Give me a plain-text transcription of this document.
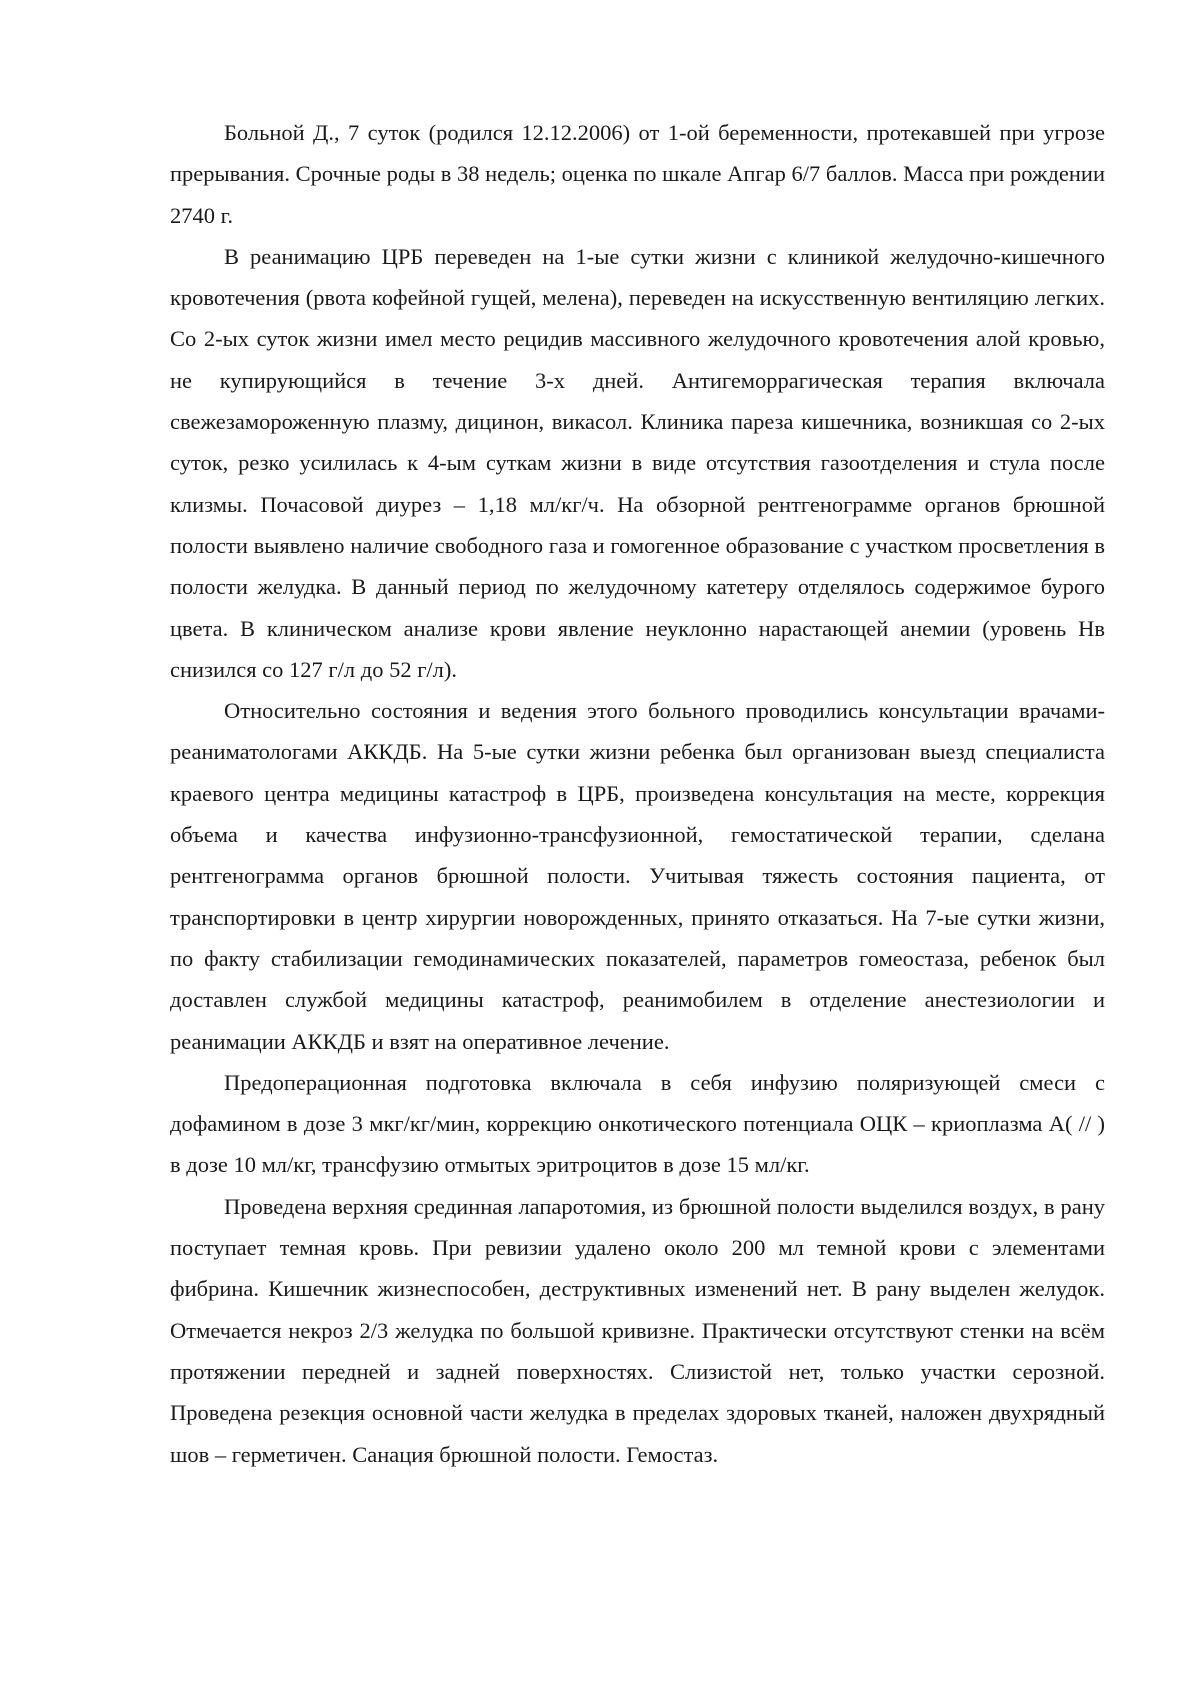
Больной Д., 7 суток (родился 12.12.2006) от 1-ой беременности, протекавшей при угрозе прерывания. Срочные роды в 38 недель; оценка по шкале Апгар 6/7 баллов. Масса при рождении 2740 г.

В реанимацию ЦРБ переведен на 1-ые сутки жизни с клиникой желудочно-кишечного кровотечения (рвота кофейной гущей, мелена), переведен на искусственную вентиляцию легких. Со 2-ых суток жизни имел место рецидив массивного желудочного кровотечения алой кровью, не купирующийся в течение 3-х дней. Антигеморрагическая терапия включала свежезамороженную плазму, дицинон, викасол. Клиника пареза кишечника, возникшая со 2-ых суток, резко усилилась к 4-ым суткам жизни в виде отсутствия газоотделения и стула после клизмы. Почасовой диурез – 1,18 мл/кг/ч. На обзорной рентгенограмме органов брюшной полости выявлено наличие свободного газа и гомогенное образование с участком просветления в полости желудка. В данный период по желудочному катетеру отделялось содержимое бурого цвета. В клиническом анализе крови явление неуклонно нарастающей анемии (уровень Нв снизился со 127 г/л до 52 г/л).

Относительно состояния и ведения этого больного проводились консультации врачами-реаниматологами АККДБ. На 5-ые сутки жизни ребенка был организован выезд специалиста краевого центра медицины катастроф в ЦРБ, произведена консультация на месте, коррекция объема и качества инфузионно-трансфузионной, гемостатической терапии, сделана рентгенограмма органов брюшной полости. Учитывая тяжесть состояния пациента, от транспортировки в центр хирургии новорожденных, принято отказаться. На 7-ые сутки жизни, по факту стабилизации гемодинамических показателей, параметров гомеостаза, ребенок был доставлен службой медицины катастроф, реанимобилем в отделение анестезиологии и реанимации АККДБ и взят на оперативное лечение.

Предоперационная подготовка включала в себя инфузию поляризующей смеси с дофамином в дозе 3 мкг/кг/мин, коррекцию онкотического потенциала ОЦК – криоплазма А( // ) в дозе 10 мл/кг, трансфузию отмытых эритроцитов в дозе 15 мл/кг.

Проведена верхняя срединная лапаротомия, из брюшной полости выделился воздух, в рану поступает темная кровь. При ревизии удалено около 200 мл темной крови с элементами фибрина. Кишечник жизнеспособен, деструктивных изменений нет. В рану выделен желудок. Отмечается некроз 2/3 желудка по большой кривизне. Практически отсутствуют стенки на всём протяжении передней и задней поверхностях. Слизистой нет, только участки серозной. Проведена резекция основной части желудка в пределах здоровых тканей, наложен двухрядный шов – герметичен. Санация брюшной полости. Гемостаз.
